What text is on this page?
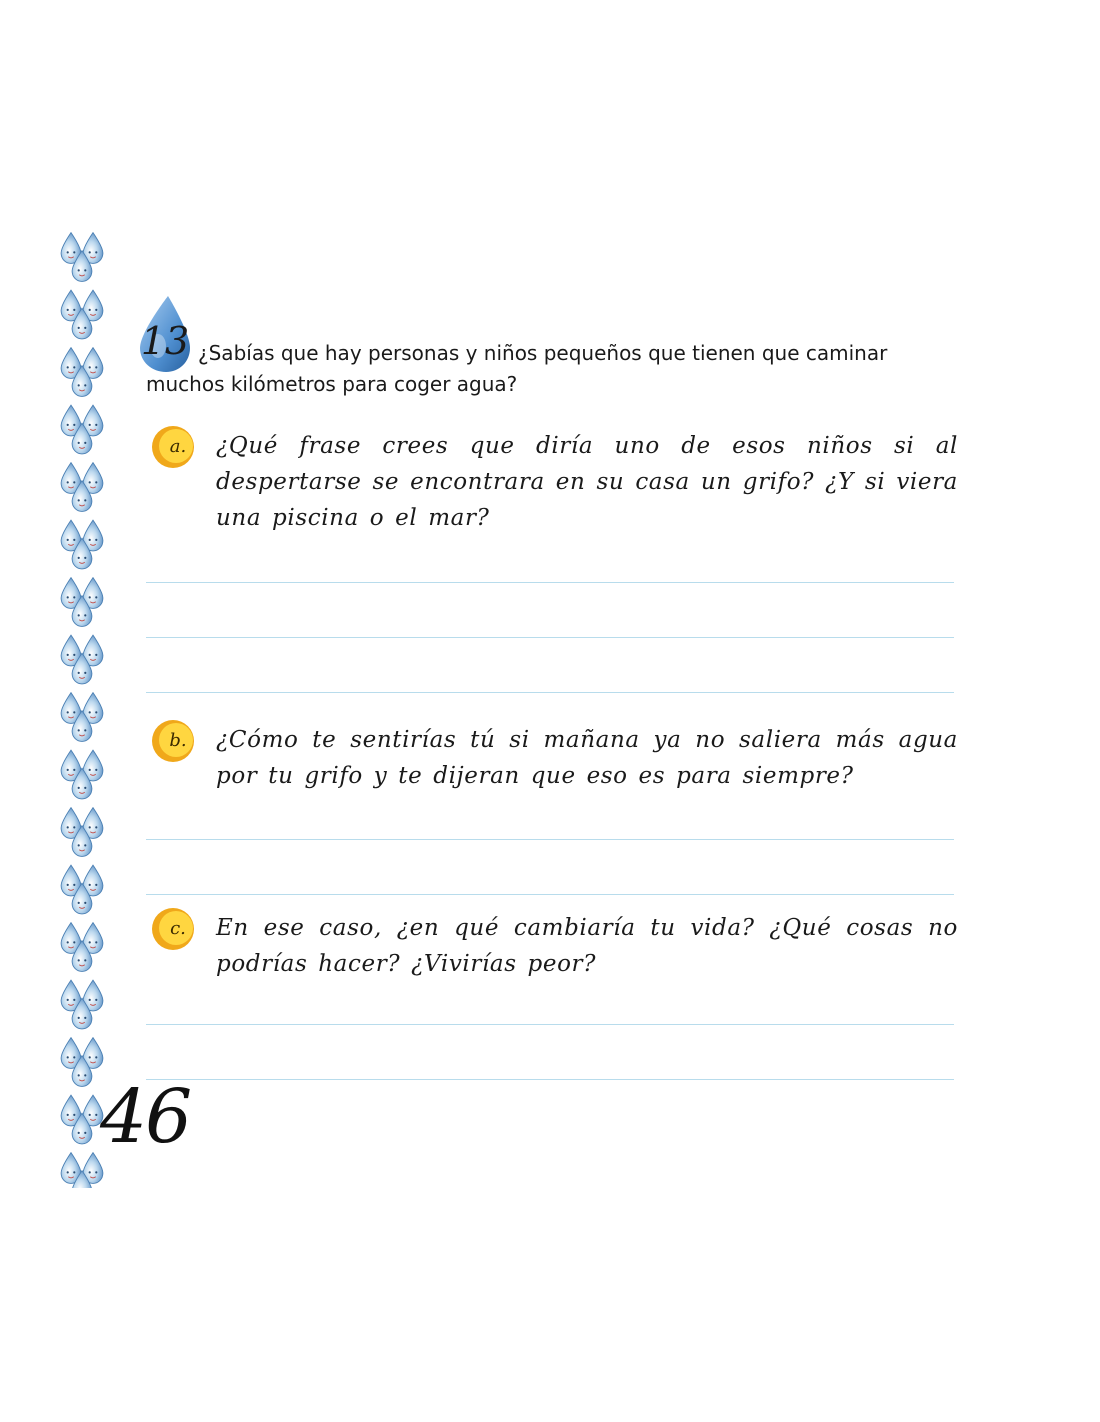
13 ¿Sabías que hay personas y niños pequeños que tienen que caminar muchos kilómetros para coger agua?
a.	¿Qué frase crees que diría uno de esos niños si al despertarse se encontrara en su casa un grifo? ¿Y si viera una piscina o el mar?
b.	¿Cómo te sentirías tú si mañana ya no saliera más agua por tu grifo y te dijeran que eso es para siempre?
c.	En ese caso, ¿en qué cambiaría tu vida? ¿Qué cosas no podrías hacer? ¿Vivirías peor?
46
